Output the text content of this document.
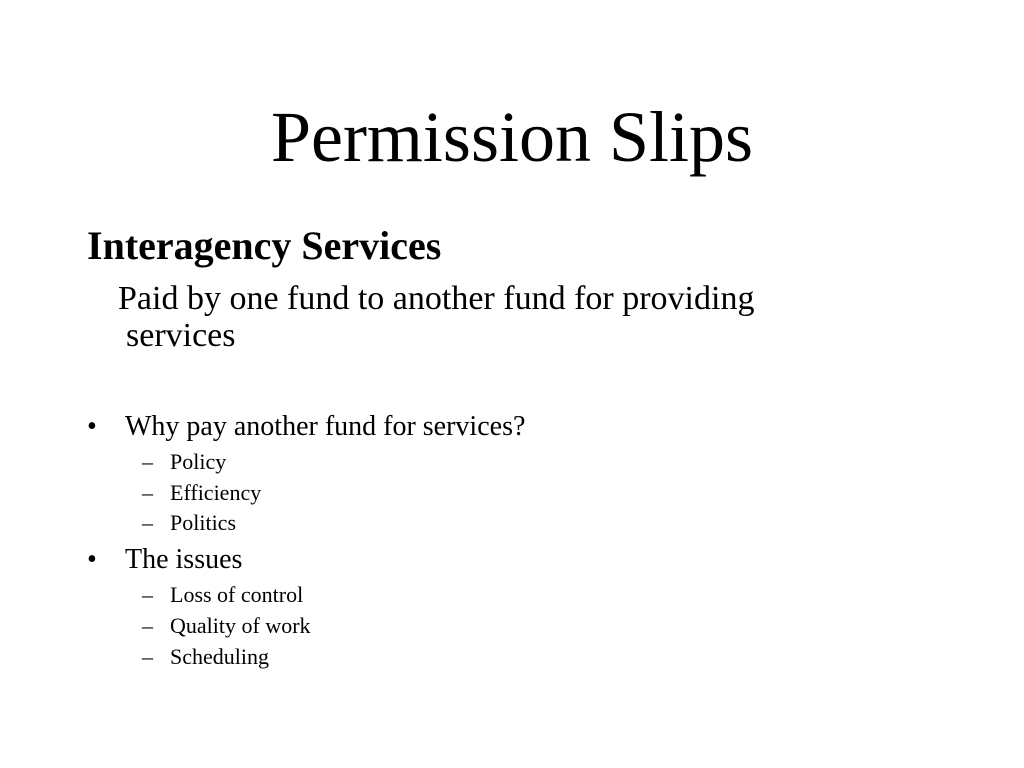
Permission Slips
Interagency Services

Paid by one fund to another fund for providing
services

•	Why pay another fund for services?
– Policy
– Efficiency
– Politics
•	The issues
– Loss of control
– Quality of work
– Scheduling
